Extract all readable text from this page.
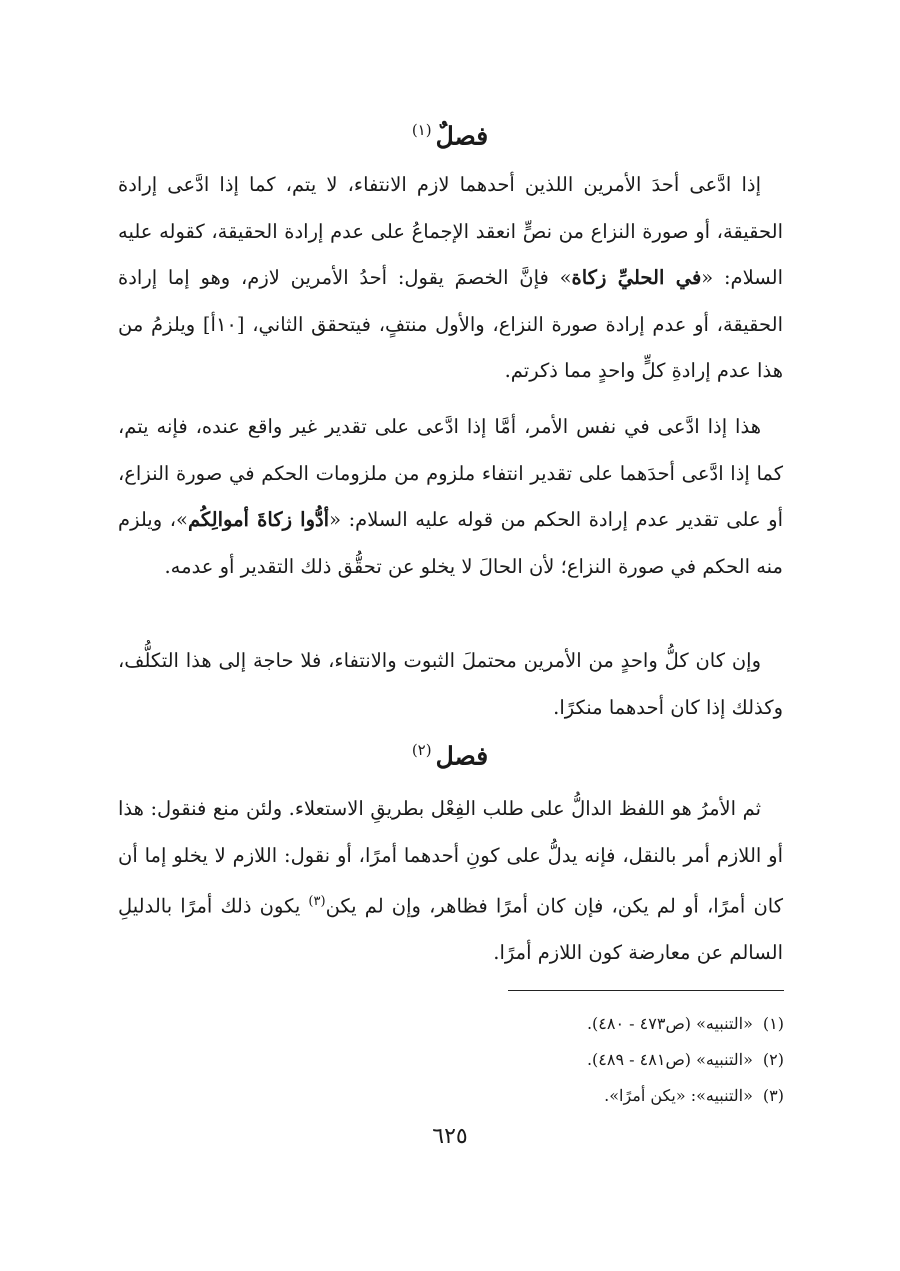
فصلٌ$^{(١)}$

إذا ادَّعى أحدَ الأمرين اللذين أحدهما لازم الانتفاء، لا يتم، كما إذا ادَّعى إرادة الحقيقة، أو صورة النزاع من نصٍّ انعقد الإجماعُ على عدم إرادة الحقيقة، كقوله عليه السلام: «في الحليِّ زكاة» فإنَّ الخصمَ يقول: أحدُ الأمرين لازم، وهو إما إرادة الحقيقة، أو عدم إرادة صورة النزاع، والأول منتفٍ، فيتحقق الثاني، [١٠أ] ويلزمُ من هذا عدم إرادةِ كلٍّ واحدٍ مما ذكرتم.

هذا إذا ادَّعى في نفس الأمر، أمَّا إذا ادَّعى على تقدير غير واقع عنده، فإنه يتم، كما إذا ادَّعى أحدَهما على تقدير انتفاء ملزوم من ملزومات الحكم في صورة النزاع، أو على تقدير عدم إرادة الحكم من قوله عليه السلام: «أدُّوا زكاةَ أموالِكُم»، ويلزم منه الحكم في صورة النزاع؛ لأن الحالَ لا يخلو عن تحقُّق ذلك التقدير أو عدمه.

وإن كان كلُّ واحدٍ من الأمرين محتملَ الثبوت والانتفاء، فلا حاجة إلى هذا التكلُّف، وكذلك إذا كان أحدهما منكرًا.

فصل$^{(٢)}$

ثم الأمرُ هو اللفظ الدالُّ على طلب الفِعْل بطريقِ الاستعلاء. ولئن منع فنقول: هذا أو اللازم أمر بالنقل، فإنه يدلُّ على كونِ أحدهما أمرًا، أو نقول: اللازم لا يخلو إما أن كان أمرًا، أو لم يكن، فإن كان أمرًا فظاهر، وإن لم يكن$^{(٣)}$ يكون ذلك أمرًا بالدليلِ السالم عن معارضة كون اللازم أمرًا.

(١)«التنبيه» (ص٤٧٣ - ٤٨٠).
(٢)«التنبيه» (ص٤٨١ - ٤٨٩).
(٣)«التنبيه»: «يكن أمرًا».
٦٢٥
